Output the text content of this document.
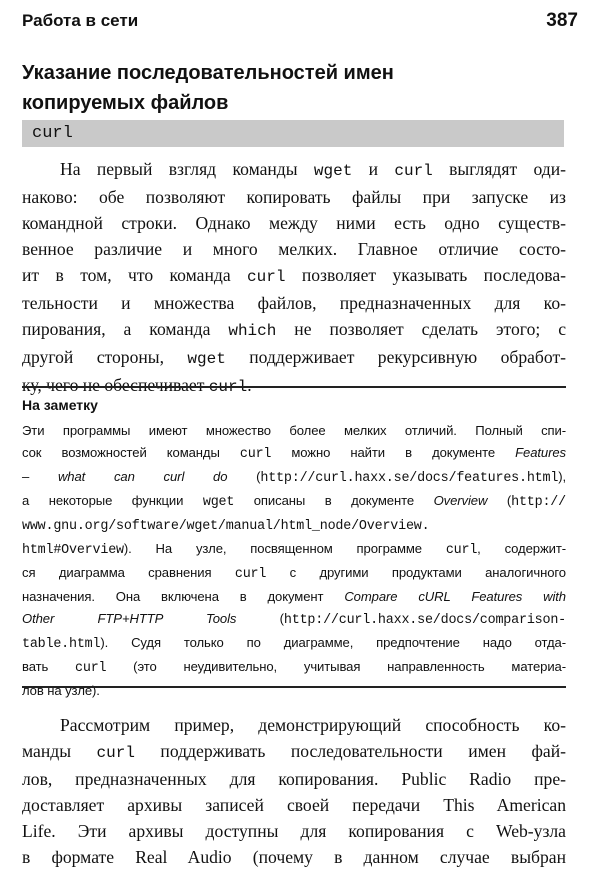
Работа в сети	387
Указание последовательностей имен
копируемых файлов
curl

На первый взгляд команды wget и curl выглядят оди-
наково: обе позволяют копировать файлы при запуске из
командной строки. Однако между ними есть одно существ-
венное различие и много мелких. Главное отличие состо-
ит в том, что команда curl позволяет указывать последова-
тельности и множества файлов, предназначенных для ко-
пирования, а команда which не позволяет сделать этого; с
другой стороны, wget поддерживает рекурсивную обработ-
ку, чего не обеспечивает curl.

На заметку
Эти программы имеют множество более мелких отличий. Полный спи-
сок возможностей команды curl можно найти в документе Features
– what can curl do (http://curl.haxx.se/docs/features.html),
а некоторые функции wget описаны в документе Overview (http://
www.gnu.org/software/wget/manual/html_node/Overview.
html#Overview). На узле, посвященном программе curl, содержит-
ся диаграмма сравнения curl с другими продуктами аналогичного
назначения. Она включена в документ Compare cURL Features with
Other FTP+HTTP Tools (http://curl.haxx.se/docs/comparison-
table.html). Судя только по диаграмме, предпочтение надо отда-
вать curl (это неудивительно, учитывая направленность материа-
лов на узле).

Рассмотрим пример, демонстрирующий способность ко-
манды curl поддерживать последовательности имен фай-
лов, предназначенных для копирования. Public Radio пре-
доставляет архивы записей своей передачи This American
Life. Эти архивы доступны для копирования с Web-узла
в формате Real Audio (почему в данном случае выбран
